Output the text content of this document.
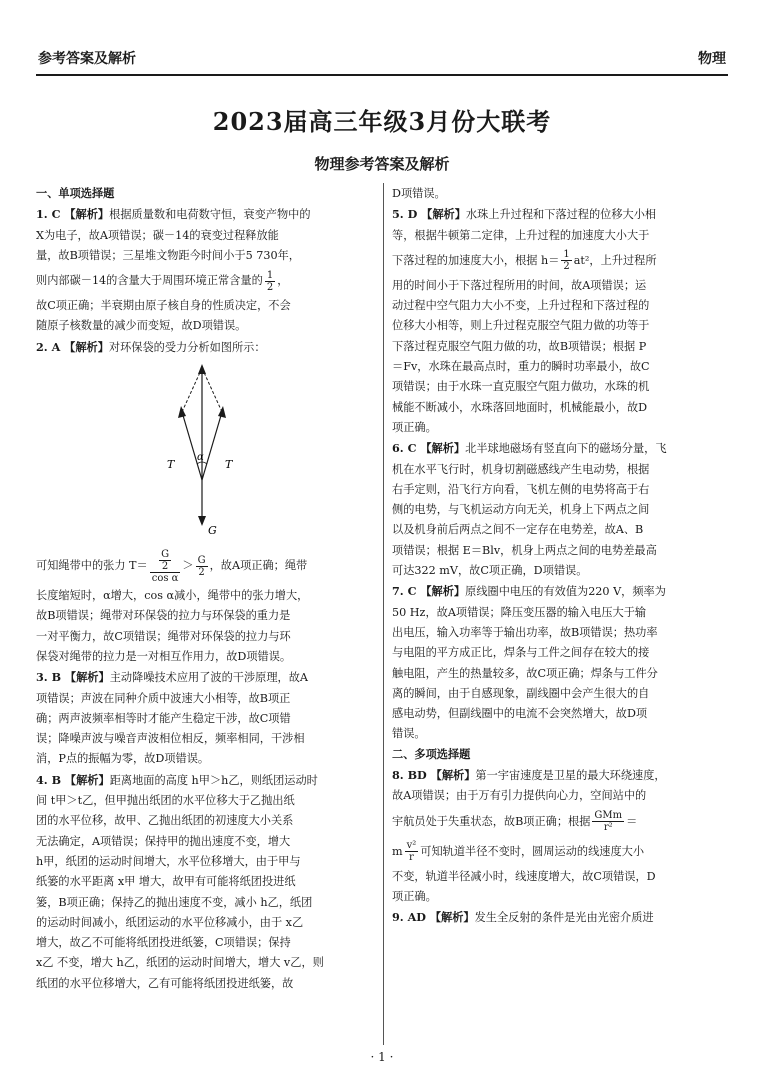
参考答案及解析	物理
2023届高三年级3月份大联考
物理参考答案及解析
一、单项选择题

1. C 【解析】根据质量数和电荷数守恒，衰变产物中的

X为电子，故A项错误；碳－14的衰变过程释放能

量，故B项错误；三星堆文物距今时间小于5 730年，

则内部碳－14的含量大于周围环境正常含量的 $\frac{1}{2}$ ，

故C项正确；半衰期由原子核自身的性质决定，不会

随原子核数量的减少而变短，故D项错误。

2. A 【解析】对环保袋的受力分析如图所示：

T
α
T
G

可知绳带中的张力 $T= \frac{\frac{G}{2}}{\text{cos α}} > \frac{G}{2}$ ，故A项正确；绳带

长度缩短时，α增大，cos α减小，绳带中的张力增大，

故B项错误；绳带对环保袋的拉力与环保袋的重力是

一对平衡力，故C项错误；绳带对环保袋的拉力与环

保袋对绳带的拉力是一对相互作用力，故D项错误。

3. B 【解析】主动降噪技术应用了波的干涉原理，故A

项错误；声波在同种介质中波速大小相等，故B项正

确；两声波频率相等时才能产生稳定干涉，故C项错

误；降噪声波与噪音声波相位相反，频率相同，干涉相

消，P点的振幅为零，故D项错误。

4. B 【解析】距离地面的高度 h甲＞h乙，则纸团运动时

间 t甲＞t乙，但甲抛出纸团的水平位移大于乙抛出纸

团的水平位移，故甲、乙抛出纸团的初速度大小关系

无法确定，A项错误；保持甲的抛出速度不变，增大

h甲，纸团的运动时间增大，水平位移增大，由于甲与

纸篓的水平距离 x甲 增大，故甲有可能将纸团投进纸

篓，B项正确；保持乙的抛出速度不变，减小 h乙，纸团

的运动时间减小，纸团运动的水平位移减小，由于 x乙

增大，故乙不可能将纸团投进纸篓，C项错误；保持

x乙 不变，增大 h乙，纸团的运动时间增大，增大 v乙，则

纸团的水平位移增大，乙有可能将纸团投进纸篓，故

D项错误。

5. D 【解析】水珠上升过程和下落过程的位移大小相

等，根据牛顿第二定律，上升过程的加速度大小大于

下落过程的加速度大小，根据 $h= \frac{1}{2} at^2$，上升过程所

用的时间小于下落过程所用的时间，故A项错误；运

动过程中空气阻力大小不变，上升过程和下落过程的

位移大小相等，则上升过程克服空气阻力做的功等于

下落过程克服空气阻力做的功，故B项错误；根据 P

＝Fv，水珠在最高点时，重力的瞬时功率最小，故C

项错误；由于水珠一直克服空气阻力做功，水珠的机

械能不断减小，水珠落回地面时，机械能最小，故D

项正确。

6. C 【解析】北半球地磁场有竖直向下的磁场分量，飞

机在水平飞行时，机身切割磁感线产生电动势，根据

右手定则，沿飞行方向看，飞机左侧的电势将高于右

侧的电势，与飞机运动方向无关，机身上下两点之间

以及机身前后两点之间不一定存在电势差，故A、B

项错误；根据 E＝Blv，机身上两点之间的电势差最高

可达322 mV，故C项正确，D项错误。

7. C 【解析】原线圈中电压的有效值为220 V，频率为

50 Hz，故A项错误；降压变压器的输入电压大于输

出电压，输入功率等于输出功率，故B项错误；热功率

与电阻的平方成正比，焊条与工件之间存在较大的接

触电阻，产生的热量较多，故C项正确；焊条与工件分

离的瞬间，由于自感现象，副线圈中会产生很大的自

感电动势，但副线圈中的电流不会突然增大，故D项

错误。

二、多项选择题

8. BD 【解析】第一宇宙速度是卫星的最大环绕速度，

故A项错误；由于万有引力提供向心力，空间站中的

宇航员处于失重状态，故B项正确；根据 $\frac{\text{GMm}}{\text{r²}}$ ＝

m $\frac{\text{v²}}{r}$ 可知轨道半径不变时，圆周运动的线速度大小

不变，轨道半径减小时，线速度增大，故C项错误，D

项正确。

9. AD 【解析】发生全反射的条件是光由光密介质进

· 1 ·
